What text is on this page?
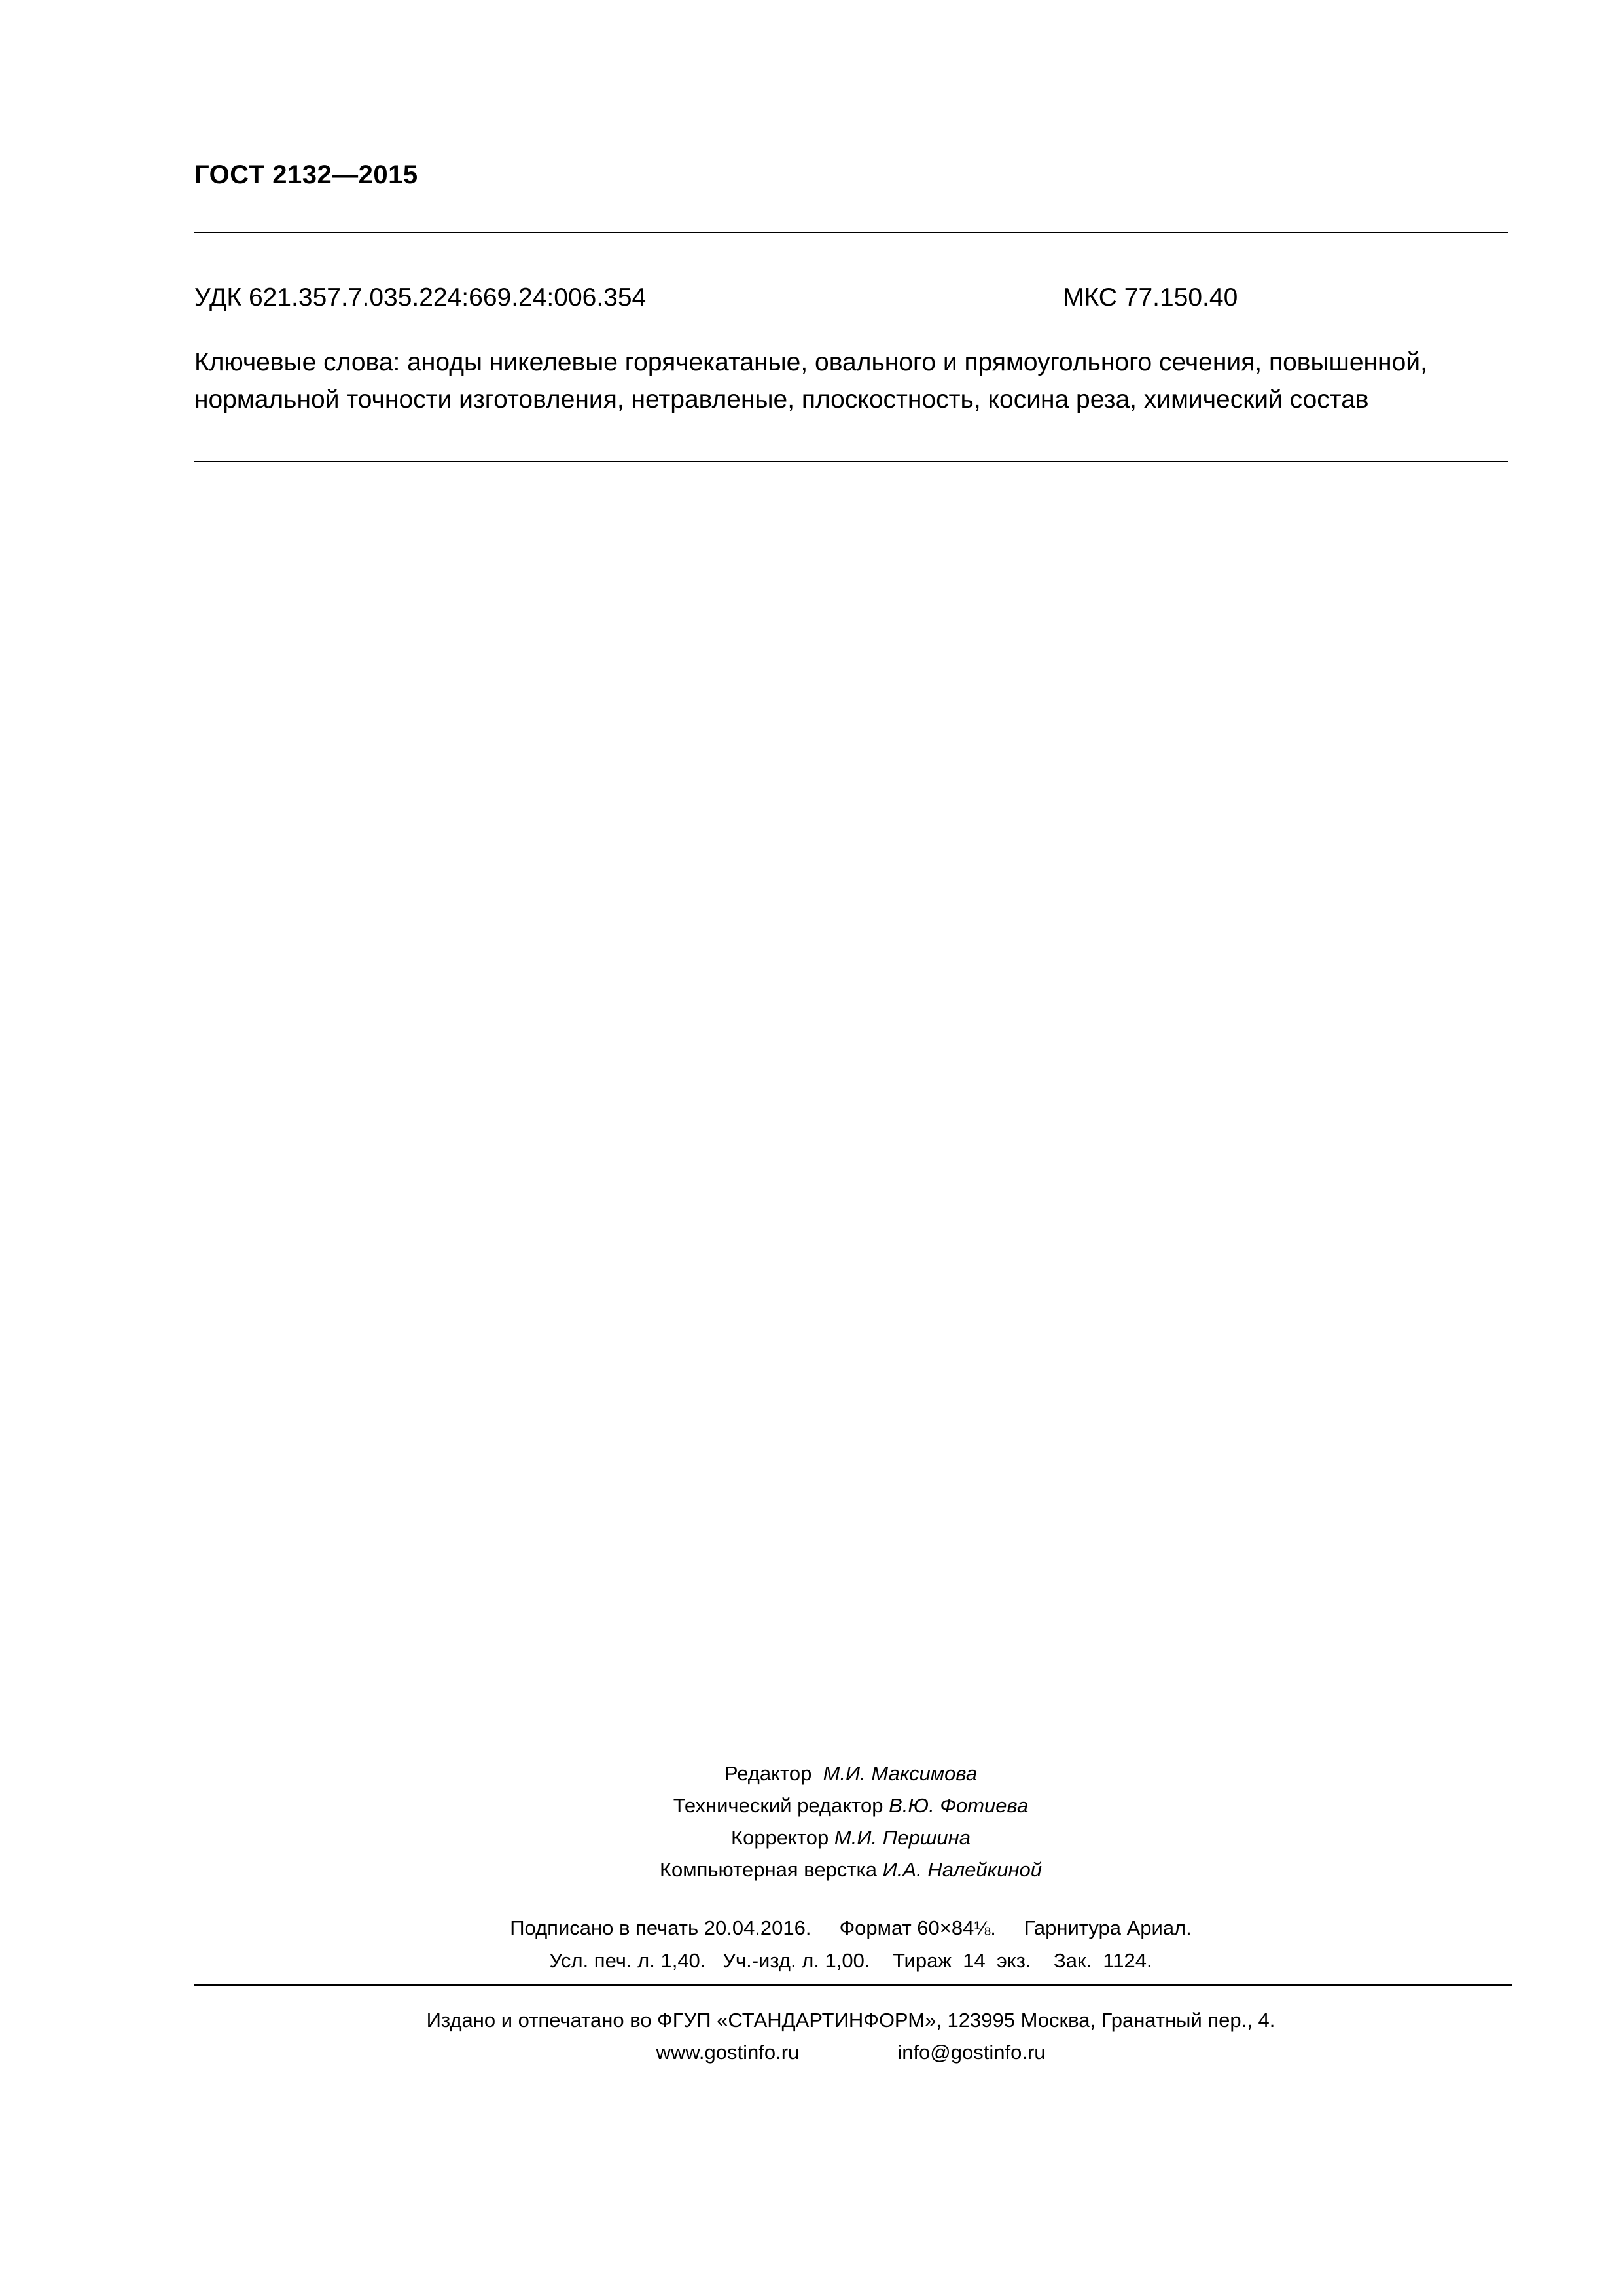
ГОСТ 2132—2015
УДК 621.357.7.035.224:669.24:006.354	МКС 77.150.40
Ключевые слова: аноды никелевые горячекатаные, овального и прямоугольного сечения, повышенной,
нормальной точности изготовления, нетравленые, плоскостность, косина реза, химический состав
Редактор М.И. Максимова
Технический редактор В.Ю. Фотиева
Корректор М.И. Першина
Компьютерная верстка И.А. Налейкиной
Подписано в печать 20.04.2016. Формат 60×84⅛. Гарнитура Ариал.
Усл. печ. л. 1,40. Уч.-изд. л. 1,00. Тираж  14  экз. Зак.  1124.
Издано и отпечатано во ФГУП «СТАНДАРТИНФОРМ», 123995 Москва, Гранатный пер., 4.
www.gostinfo.ru	info@gostinfo.ru
